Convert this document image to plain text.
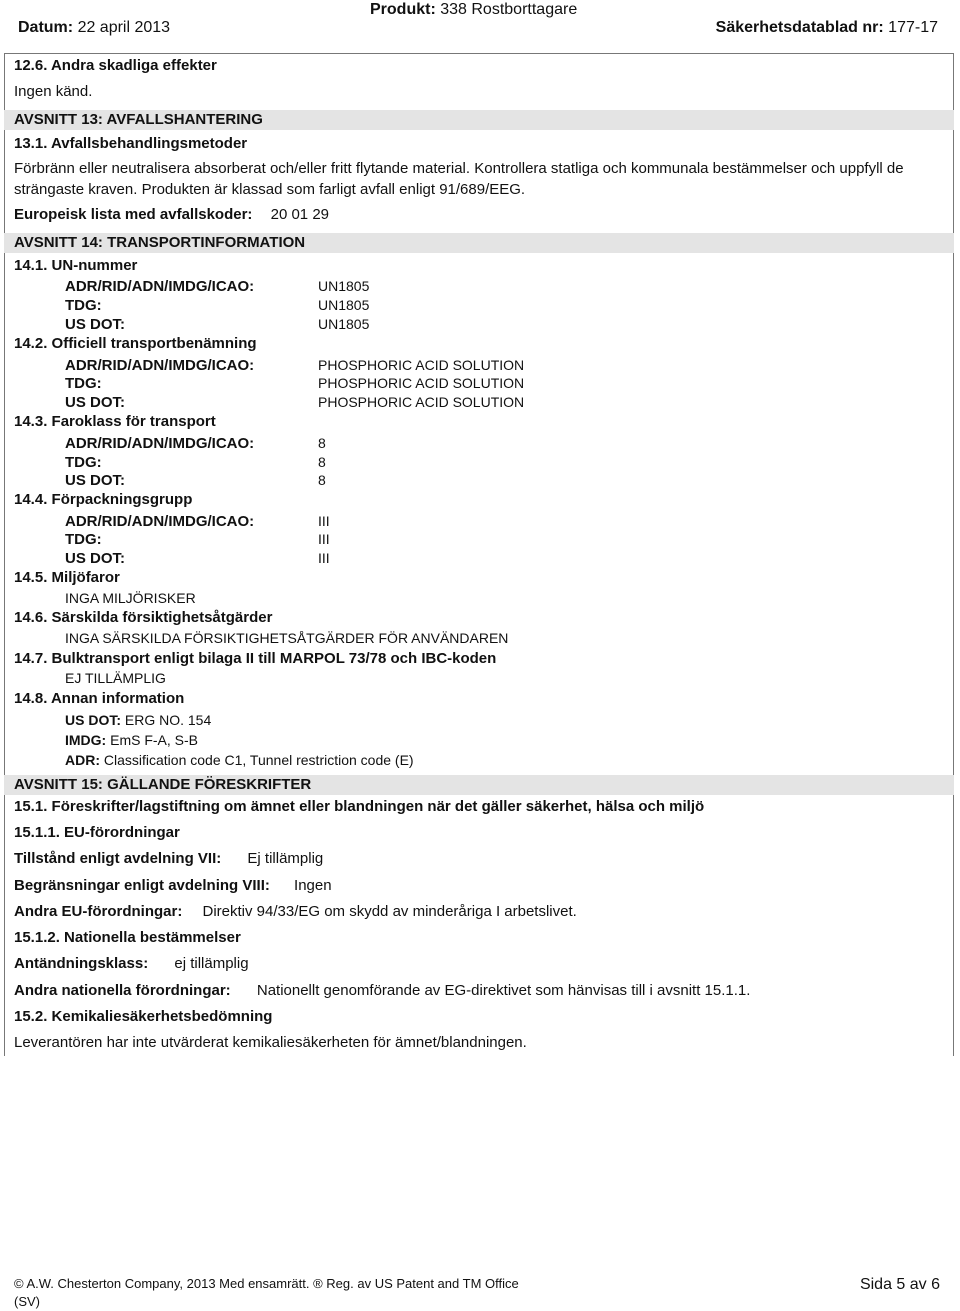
Produkt: 338 Rostborttagare
Datum: 22 april 2013	Säkerhetsdatablad nr: 177-17
12.6. Andra skadliga effekter
Ingen känd.
AVSNITT 13: AVFALLSHANTERING
13.1. Avfallsbehandlingsmetoder
Förbränn eller neutralisera absorberat och/eller fritt flytande material. Kontrollera statliga och kommunala bestämmelser och uppfyll de strängaste kraven. Produkten är klassad som farligt avfall enligt 91/689/EEG.
Europeisk lista med avfallskoder: 20 01 29
AVSNITT 14: TRANSPORTINFORMATION
14.1. UN-nummer
ADR/RID/ADN/IMDG/ICAO:	UN1805
TDG:	UN1805
US DOT:	UN1805
14.2. Officiell transportbenämning
ADR/RID/ADN/IMDG/ICAO:	PHOSPHORIC ACID SOLUTION
TDG:	PHOSPHORIC ACID SOLUTION
US DOT:	PHOSPHORIC ACID SOLUTION
14.3. Faroklass för transport
ADR/RID/ADN/IMDG/ICAO:	8
TDG:	8
US DOT:	8
14.4. Förpackningsgrupp
ADR/RID/ADN/IMDG/ICAO:	III
TDG:	III
US DOT:	III
14.5. Miljöfaror
INGA MILJÖRISKER
14.6. Särskilda försiktighetsåtgärder
INGA SÄRSKILDA FÖRSIKTIGHETSÅTGÄRDER FÖR ANVÄNDAREN
14.7. Bulktransport enligt bilaga II till MARPOL 73/78 och IBC-koden
EJ TILLÄMPLIG
14.8. Annan information
US DOT: ERG NO. 154
IMDG: EmS F-A, S-B
ADR: Classification code C1, Tunnel restriction code (E)
AVSNITT 15: GÄLLANDE FÖRESKRIFTER
15.1. Föreskrifter/lagstiftning om ämnet eller blandningen när det gäller säkerhet, hälsa och miljö
15.1.1. EU-förordningar
Tillstånd enligt avdelning VII: Ej tillämplig
Begränsningar enligt avdelning VIII: Ingen
Andra EU-förordningar: Direktiv 94/33/EG om skydd av minderåriga I arbetslivet.
15.1.2. Nationella bestämmelser
Antändningsklass: ej tillämplig
Andra nationella förordningar: Nationellt genomförande av EG-direktivet som hänvisas till i avsnitt 15.1.1.
15.2. Kemikaliesäkerhetsbedömning
Leverantören har inte utvärderat kemikaliesäkerheten för ämnet/blandningen.
© A.W. Chesterton Company, 2013 Med ensamrätt. ® Reg. av US Patent and TM Office	Sida 5 av 6
(SV)
